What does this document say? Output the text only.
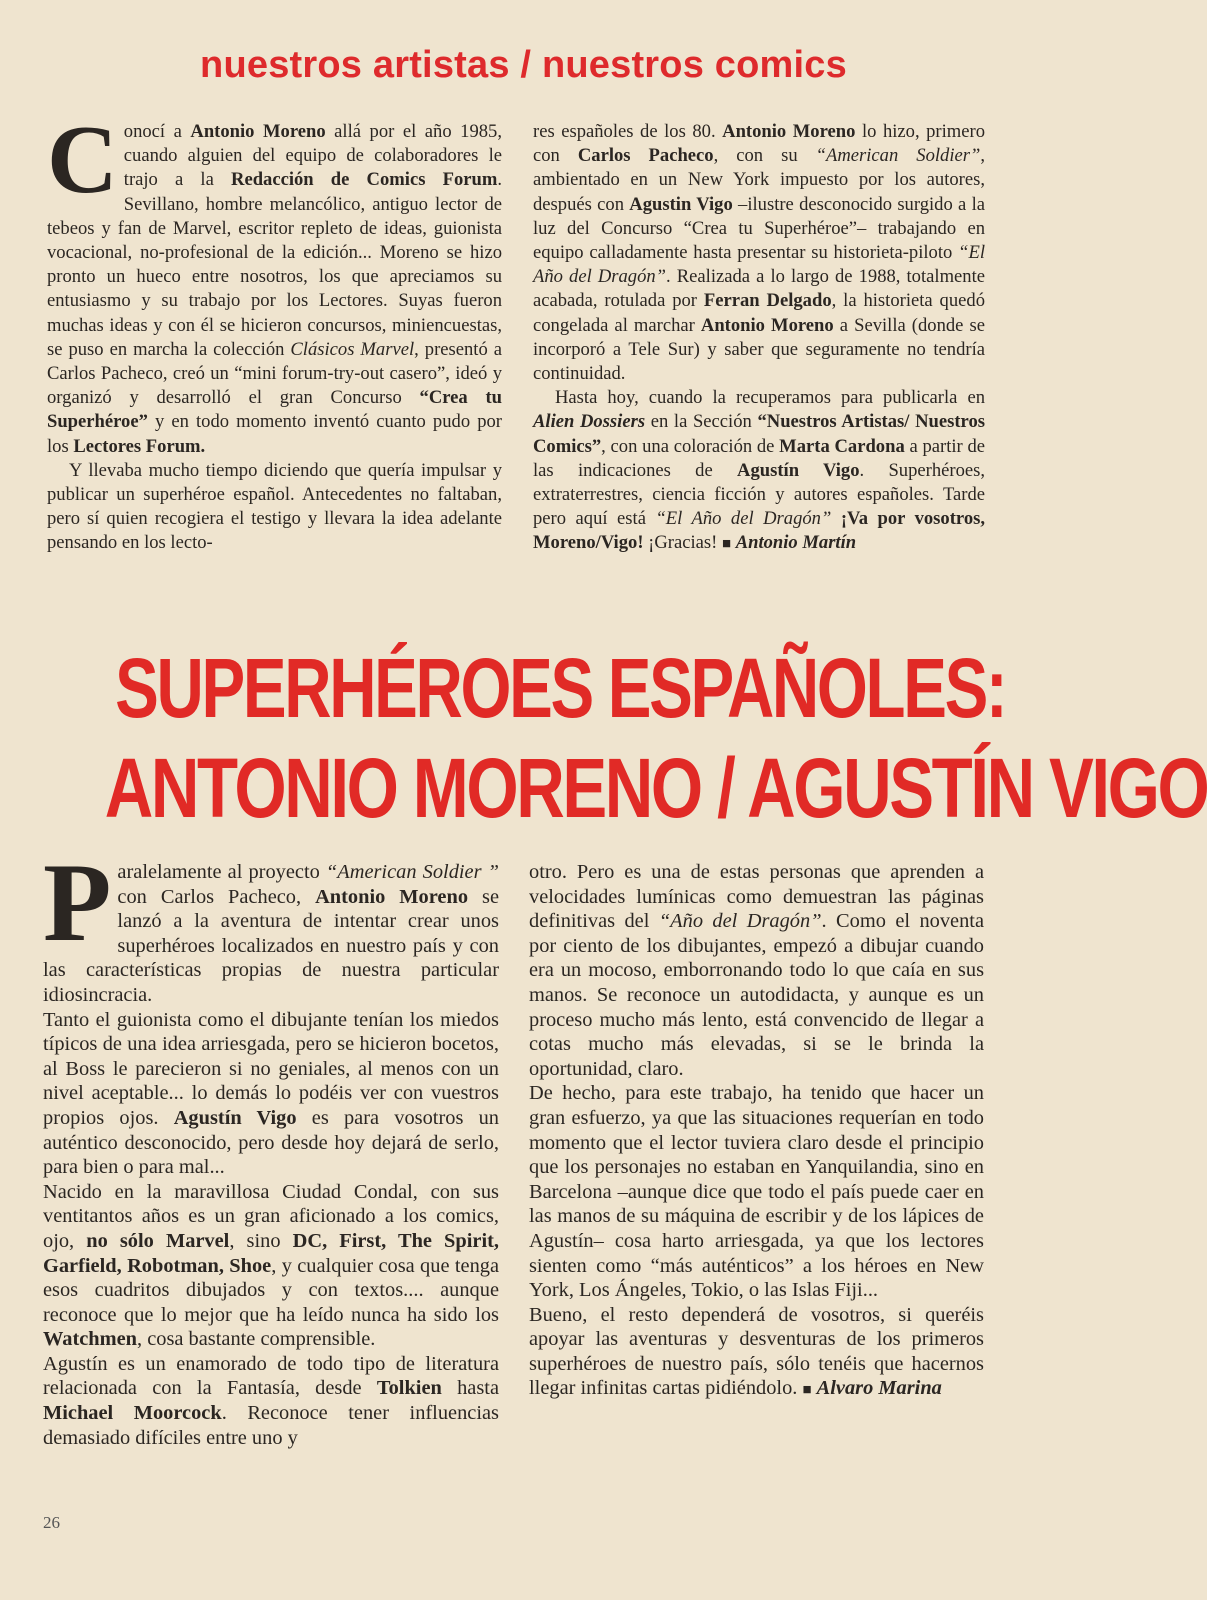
nuestros artistas / nuestros comics

Conocí a Antonio Moreno allá por el año 1985, cuando alguien del equipo de colaboradores le trajo a la Redacción de Comics Forum. Sevillano, hombre melancólico, antiguo lector de tebeos y fan de Marvel, escritor repleto de ideas, guionista vocacional, no-profesional de la edición... Moreno se hizo pronto un hueco entre nosotros, los que apreciamos su entusiasmo y su trabajo por los Lectores. Suyas fueron muchas ideas y con él se hicieron concursos, miniencuestas, se puso en marcha la colección Clásicos Marvel, presentó a Carlos Pacheco, creó un “mini forum-try-out casero”, ideó y organizó y desarrolló el gran Concurso “Crea tu Superhéroe” y en todo momento inventó cuanto pudo por los Lectores Forum.

Y llevaba mucho tiempo diciendo que quería impulsar y publicar un superhéroe español. Antecedentes no faltaban, pero sí quien recogiera el testigo y llevara la idea adelante pensando en los lecto-

res españoles de los 80. Antonio Moreno lo hizo, primero con Carlos Pacheco, con su “American Soldier”, ambientado en un New York impuesto por los autores, después con Agustin Vigo –ilustre desconocido surgido a la luz del Concurso “Crea tu Superhéroe”– trabajando en equipo calladamente hasta presentar su historieta-piloto “El Año del Dragón”. Realizada a lo largo de 1988, totalmente acabada, rotulada por Ferran Delgado, la historieta quedó congelada al marchar Antonio Moreno a Sevilla (donde se incorporó a Tele Sur) y saber que seguramente no tendría continuidad.

Hasta hoy, cuando la recuperamos para publicarla en Alien Dossiers en la Sección “Nuestros Artistas/ Nuestros Comics”, con una coloración de Marta Cardona a partir de las indicaciones de Agustín Vigo. Superhéroes, extraterrestres, ciencia ficción y autores españoles. Tarde pero aquí está “El Año del Dragón” ¡Va por vosotros, Moreno/Vigo! ¡Gracias! ■ Antonio Martín

SUPERHÉROES ESPAÑOLES:
ANTONIO MORENO / AGUSTÍN VIGO

Paralelamente al proyecto “American Soldier ” con Carlos Pacheco, Antonio Moreno se lanzó a la aventura de intentar crear unos superhéroes localizados en nuestro país y con las características propias de nuestra particular idiosincracia.

Tanto el guionista como el dibujante tenían los miedos típicos de una idea arriesgada, pero se hicieron bocetos, al Boss le parecieron si no geniales, al menos con un nivel aceptable... lo demás lo podéis ver con vuestros propios ojos. Agustín Vigo es para vosotros un auténtico desconocido, pero desde hoy dejará de serlo, para bien o para mal...

Nacido en la maravillosa Ciudad Condal, con sus ventitantos años es un gran aficionado a los comics, ojo, no sólo Marvel, sino DC, First, The Spirit, Garfield, Robotman, Shoe, y cualquier cosa que tenga esos cuadritos dibujados y con textos.... aunque reconoce que lo mejor que ha leído nunca ha sido los Watchmen, cosa bastante comprensible.

Agustín es un enamorado de todo tipo de literatura relacionada con la Fantasía, desde Tolkien hasta Michael Moorcock. Reconoce tener influencias demasiado difíciles entre uno y

otro. Pero es una de estas personas que aprenden a velocidades lumínicas como demuestran las páginas definitivas del “Año del Dragón”. Como el noventa por ciento de los dibujantes, empezó a dibujar cuando era un mocoso, emborronando todo lo que caía en sus manos. Se reconoce un autodidacta, y aunque es un proceso mucho más lento, está convencido de llegar a cotas mucho más elevadas, si se le brinda la oportunidad, claro.

De hecho, para este trabajo, ha tenido que hacer un gran esfuerzo, ya que las situaciones requerían en todo momento que el lector tuviera claro desde el principio que los personajes no estaban en Yanquilandia, sino en Barcelona –aunque dice que todo el país puede caer en las manos de su máquina de escribir y de los lápices de Agustín– cosa harto arriesgada, ya que los lectores sienten como “más auténticos” a los héroes en New York, Los Ángeles, Tokio, o las Islas Fiji...

Bueno, el resto dependerá de vosotros, si queréis apoyar las aventuras y desventuras de los primeros superhéroes de nuestro país, sólo tenéis que hacernos llegar infinitas cartas pidiéndolo. ■ Alvaro Marina

26
